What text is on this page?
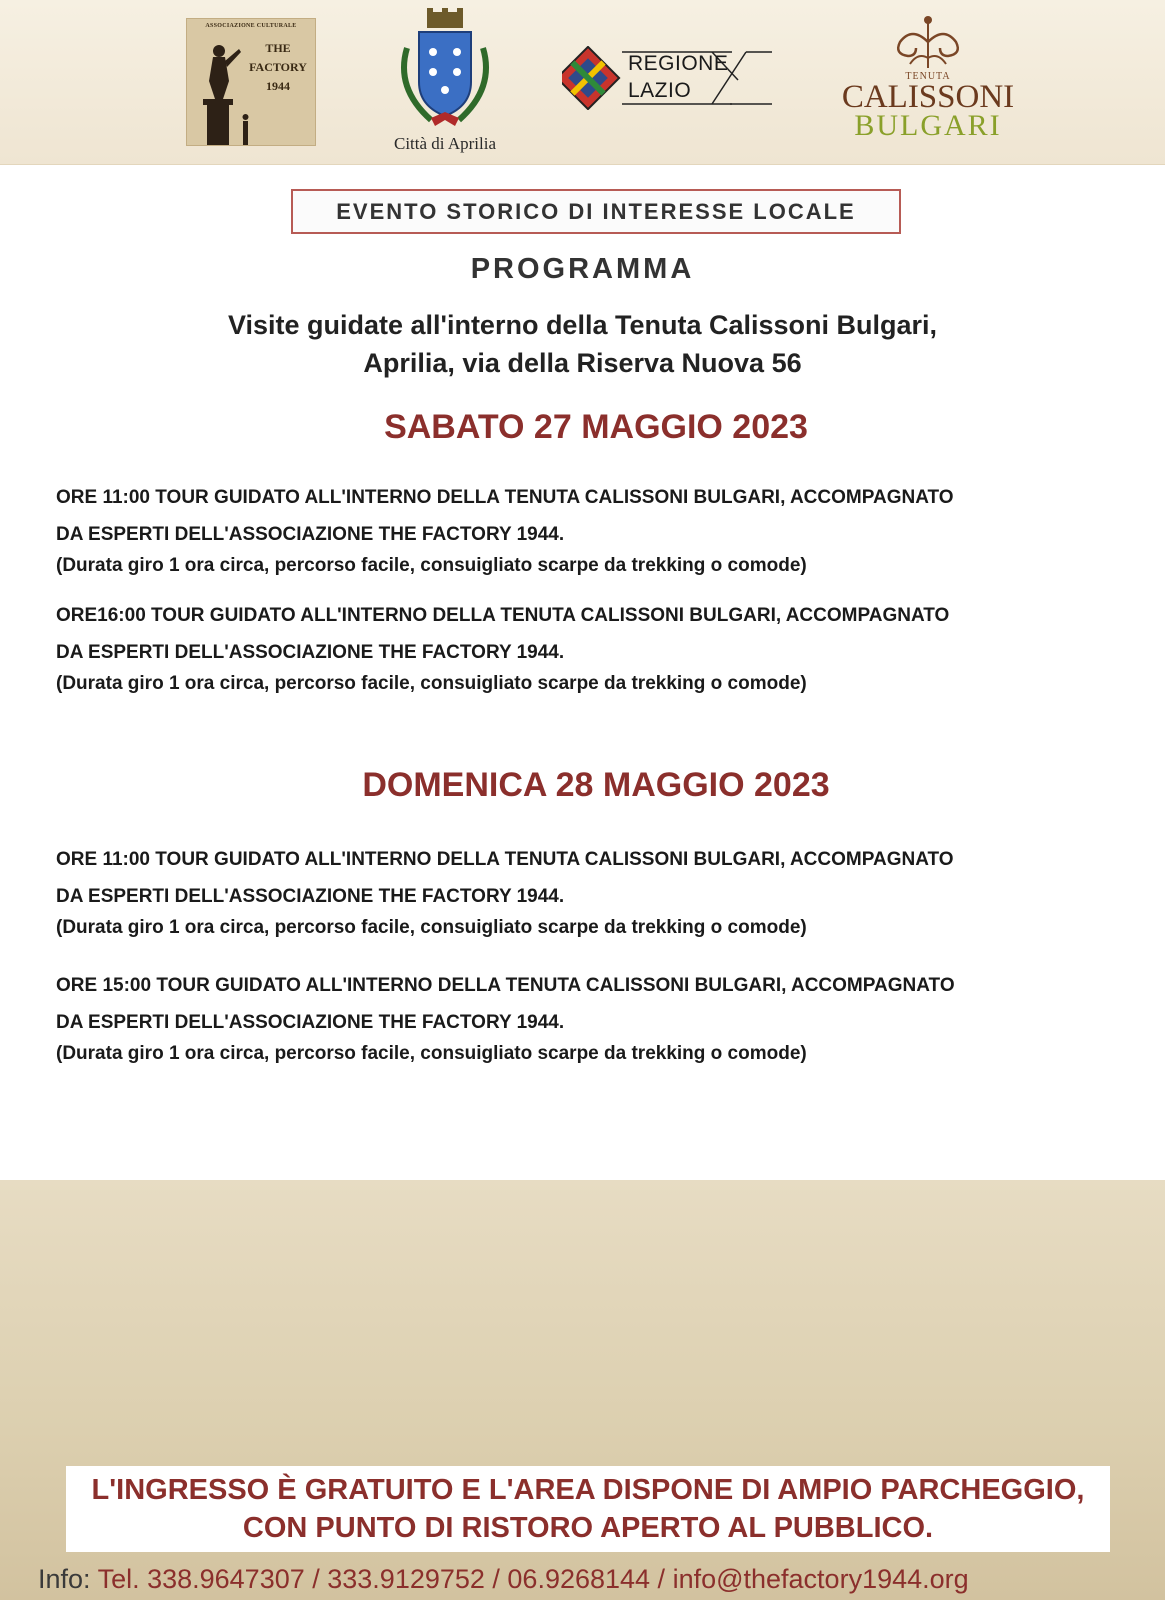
ASSOCIAZIONE CULTURALE
THE
FACTORY
1944
Città di Aprilia
REGIONE
LAZIO
TENUTA
CALISSONI
BULGARI
EVENTO STORICO DI INTERESSE LOCALE
PROGRAMMA
Visite guidate all'interno della Tenuta Calissoni Bulgari,
Aprilia, via della Riserva Nuova 56
SABATO 27 MAGGIO 2023
ORE 11:00 TOUR GUIDATO ALL'INTERNO DELLA TENUTA CALISSONI BULGARI, ACCOMPAGNATO
DA ESPERTI DELL'ASSOCIAZIONE THE FACTORY 1944.
(Durata giro 1 ora circa, percorso facile, consuigliato scarpe da trekking o comode)
ORE16:00 TOUR GUIDATO ALL'INTERNO DELLA TENUTA CALISSONI BULGARI, ACCOMPAGNATO
DA ESPERTI DELL'ASSOCIAZIONE THE FACTORY 1944.
(Durata giro 1 ora circa, percorso facile, consuigliato scarpe da trekking o comode)
DOMENICA 28 MAGGIO 2023
ORE 11:00 TOUR GUIDATO ALL'INTERNO DELLA TENUTA CALISSONI BULGARI, ACCOMPAGNATO
DA ESPERTI DELL'ASSOCIAZIONE THE FACTORY 1944.
(Durata giro 1 ora circa, percorso facile, consuigliato scarpe da trekking o comode)
ORE 15:00 TOUR GUIDATO ALL'INTERNO DELLA TENUTA CALISSONI BULGARI, ACCOMPAGNATO
DA ESPERTI DELL'ASSOCIAZIONE THE FACTORY 1944.
(Durata giro 1 ora circa, percorso facile, consuigliato scarpe da trekking o comode)
L'INGRESSO È GRATUITO E L'AREA DISPONE DI AMPIO PARCHEGGIO,
CON PUNTO DI RISTORO APERTO AL PUBBLICO.
Info: Tel. 338.9647307 / 333.9129752 / 06.9268144 / info@thefactory1944.org
